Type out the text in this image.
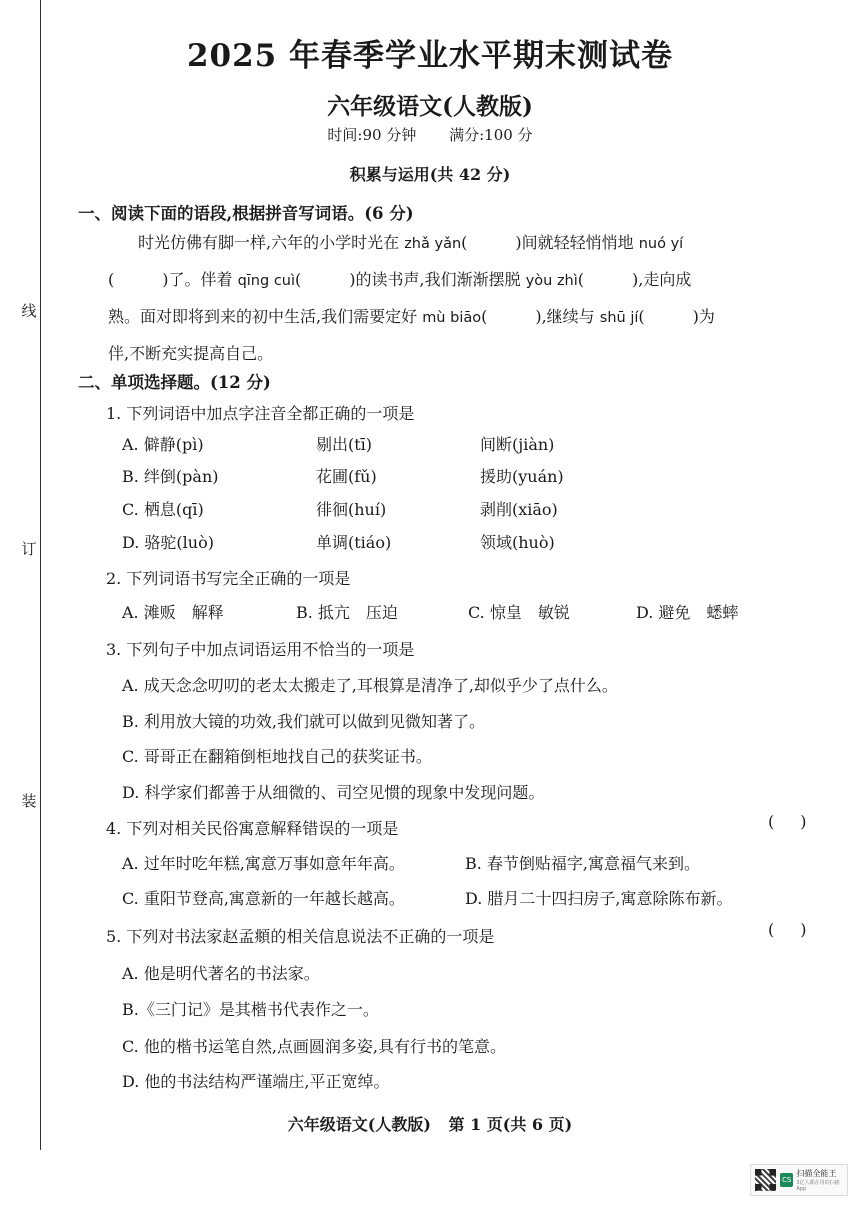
线
订
装
2025 年春季学业水平期末测试卷
六年级语文(人教版)
时间:90 分钟 满分:100 分
积累与运用(共 42 分)
一、阅读下面的语段,根据拼音写词语。(6 分)
时光仿佛有脚一样,六年的小学时光在 zhǎ yǎn(　　　)间就轻轻悄悄地 nuó yí
(　　　)了。伴着 qīng cuì(　　　)的读书声,我们渐渐摆脱 yòu zhì(　　　),走向成
熟。面对即将到来的初中生活,我们需要定好 mù biāo(　　　),继续与 shū jí(　　　)为
伴,不断充实提高自己。
二、单项选择题。(12 分)
1. 下列词语中加点字注音全都正确的一项是
A. 僻静(pì)	剔出(tī)	间断(jiàn)
B. 绊倒(pàn)	花圃(fǔ)	援助(yuán)
C. 栖息(qī)	徘徊(huí)	剥削(xiāo)
D. 骆驼(luò)	单调(tiáo)	领域(huò)
2. 下列词语书写完全正确的一项是
A. 滩贩　解释	B. 抵亢　压迫	C. 惊皇　敏锐	D. 避免　蟋蟀
3. 下列句子中加点词语运用不恰当的一项是
A. 成天念念叨叨的老太太搬走了,耳根算是清净了,却似乎少了点什么。
B. 利用放大镜的功效,我们就可以做到见微知著了。
C. 哥哥正在翻箱倒柜地找自己的获奖证书。
D. 科学家们都善于从细微的、司空见惯的现象中发现问题。
4. 下列对相关民俗寓意解释错误的一项是	()
A. 过年时吃年糕,寓意万事如意年年高。	B. 春节倒贴福字,寓意福气来到。
C. 重阳节登高,寓意新的一年越长越高。	D. 腊月二十四扫房子,寓意除陈布新。
5. 下列对书法家赵孟頫的相关信息说法不正确的一项是	()
A. 他是明代著名的书法家。
B.《三门记》是其楷书代表作之一。
C. 他的楷书运笔自然,点画圆润多姿,具有行书的笔意。
D. 他的书法结构严谨端庄,平正宽绰。
六年级语文(人教版) 第 1 页(共 6 页)
CS
扫描全能王
3亿人都在用的扫描App
